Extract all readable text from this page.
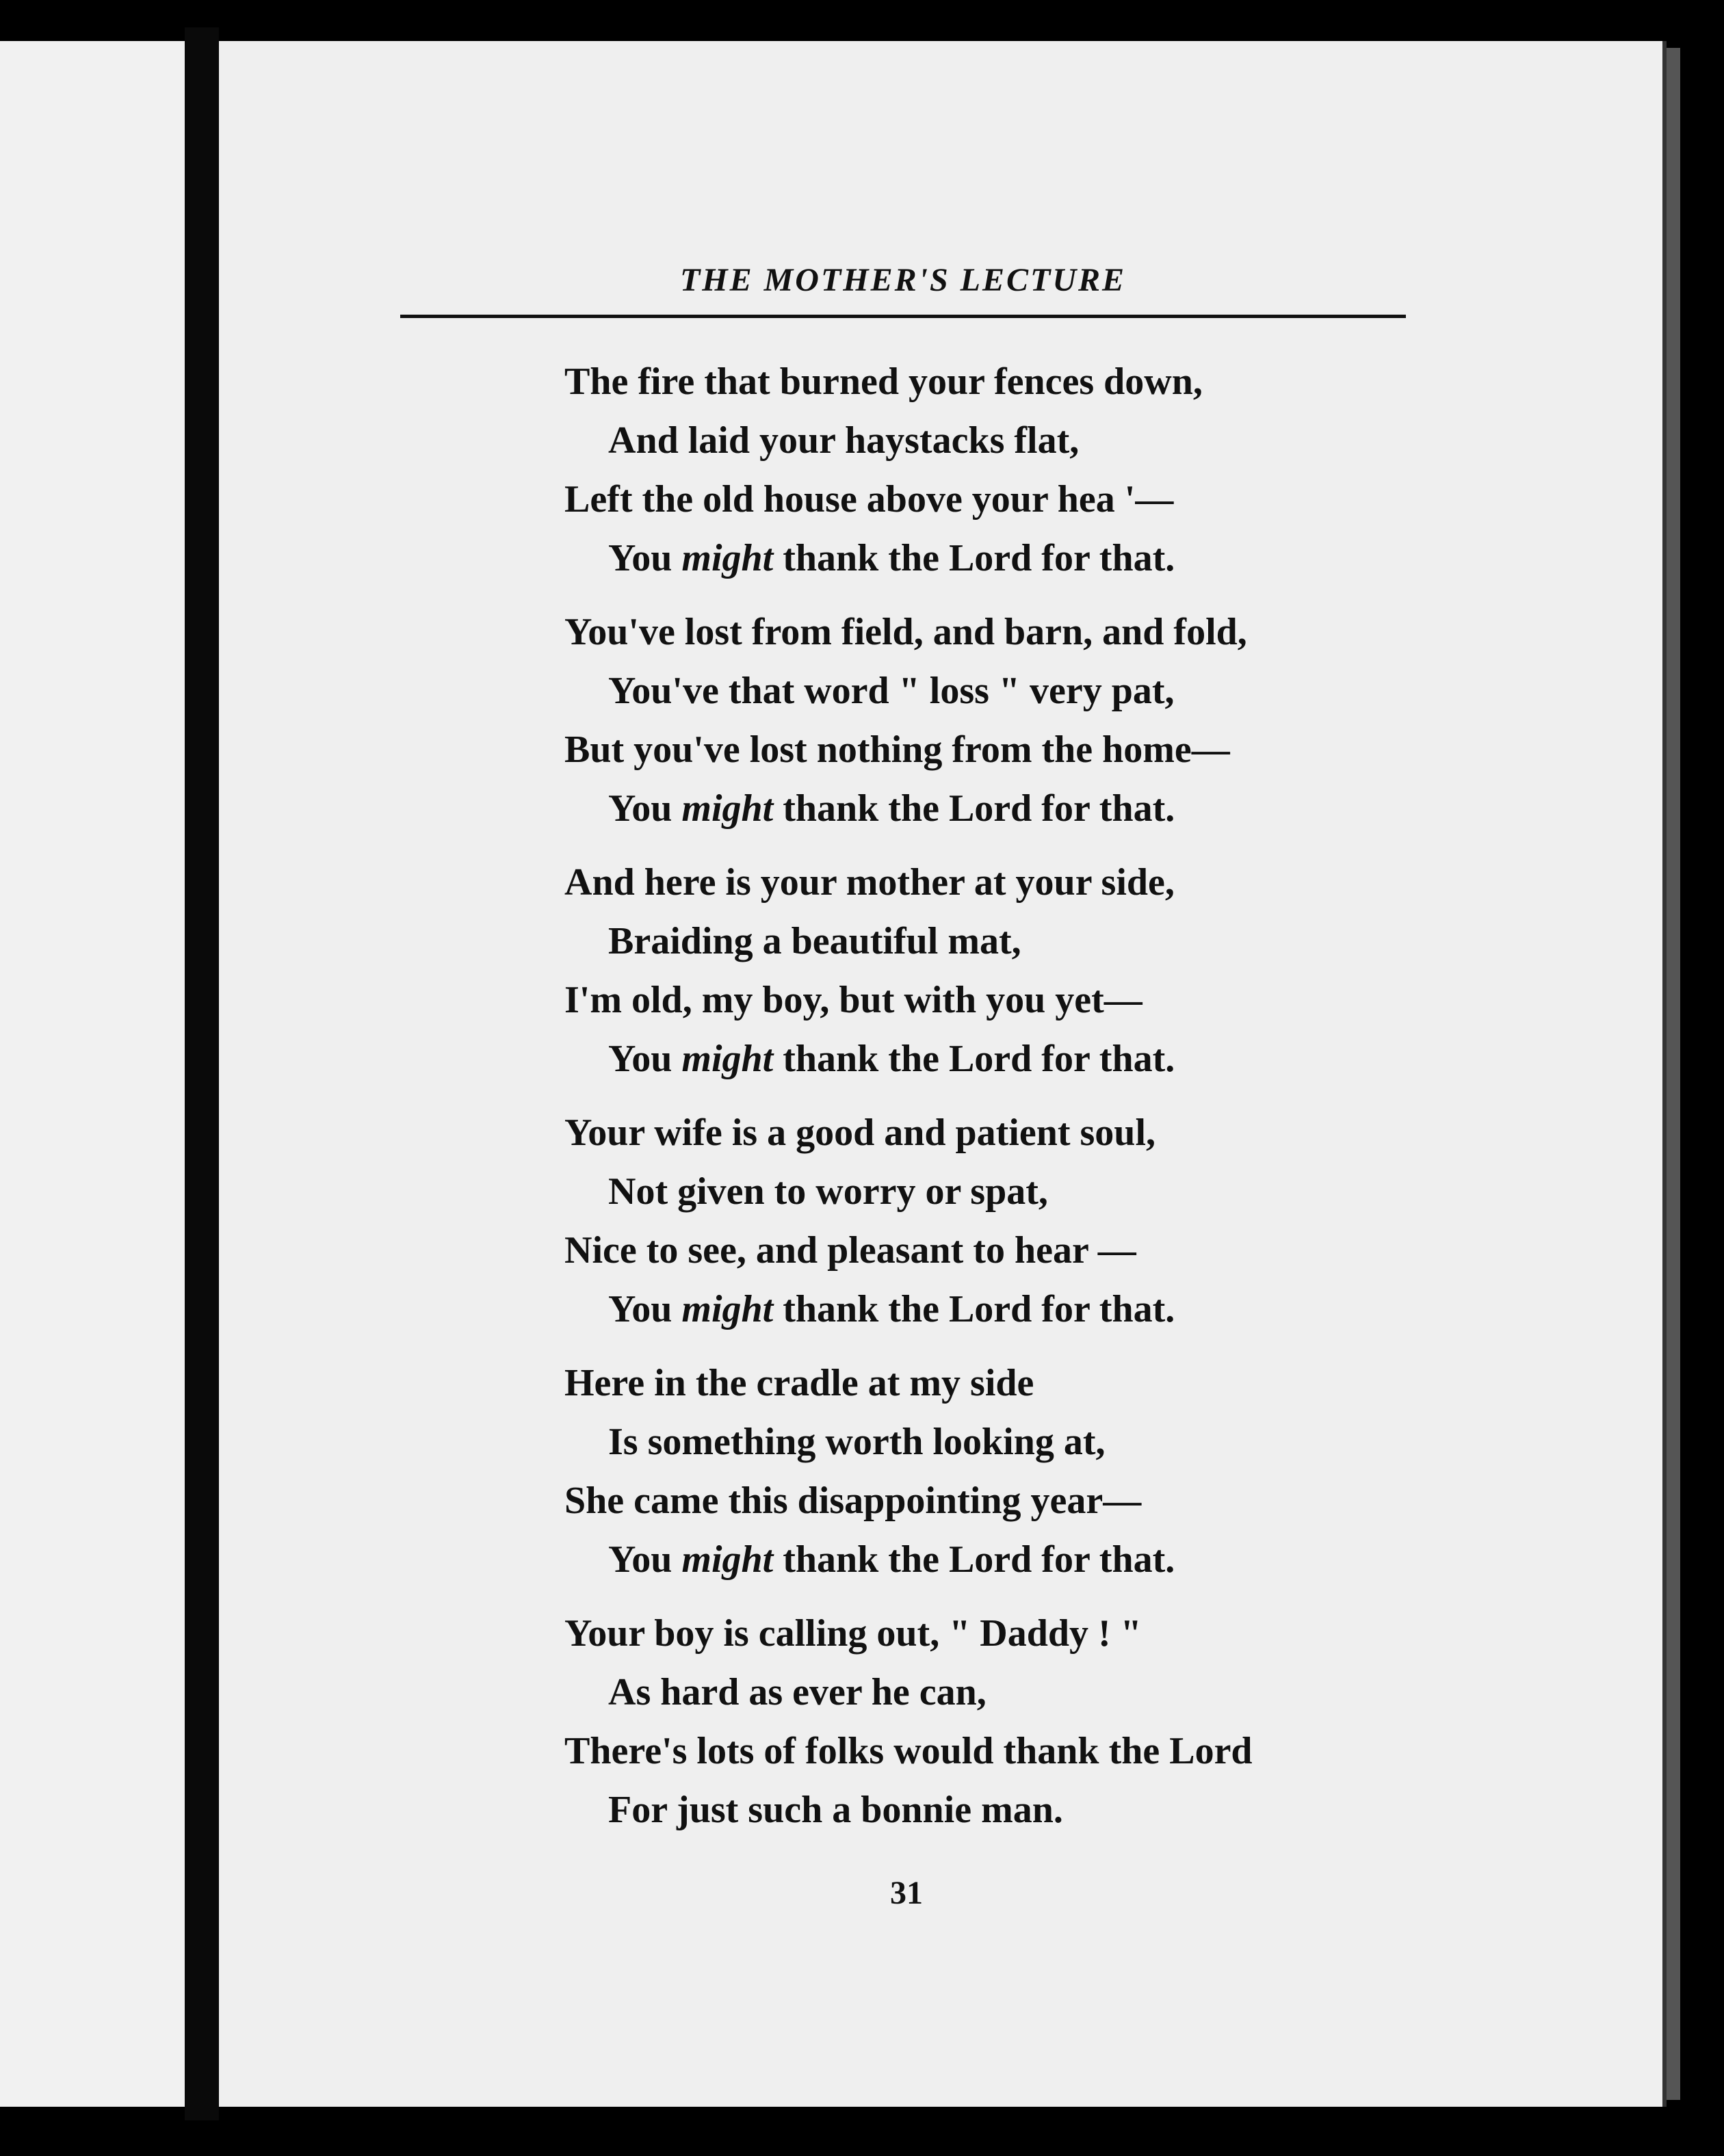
THE MOTHER'S LECTURE
The fire that burned your fences down,
And laid your haystacks flat,
Left the old house above your hea '—
You might thank the Lord for that.
You've lost from field, and barn, and fold,
You've that word " loss " very pat,
But you've lost nothing from the home—
You might thank the Lord for that.
And here is your mother at your side,
Braiding a beautiful mat,
I'm old, my boy, but with you yet—
You might thank the Lord for that.
Your wife is a good and patient soul,
Not given to worry or spat,
Nice to see, and pleasant to hear —
You might thank the Lord for that.
Here in the cradle at my side
Is something worth looking at,
She came this disappointing year—
You might thank the Lord for that.
Your boy is calling out, " Daddy ! "
As hard as ever he can,
There's lots of folks would thank the Lord
For just such a bonnie man.
31
